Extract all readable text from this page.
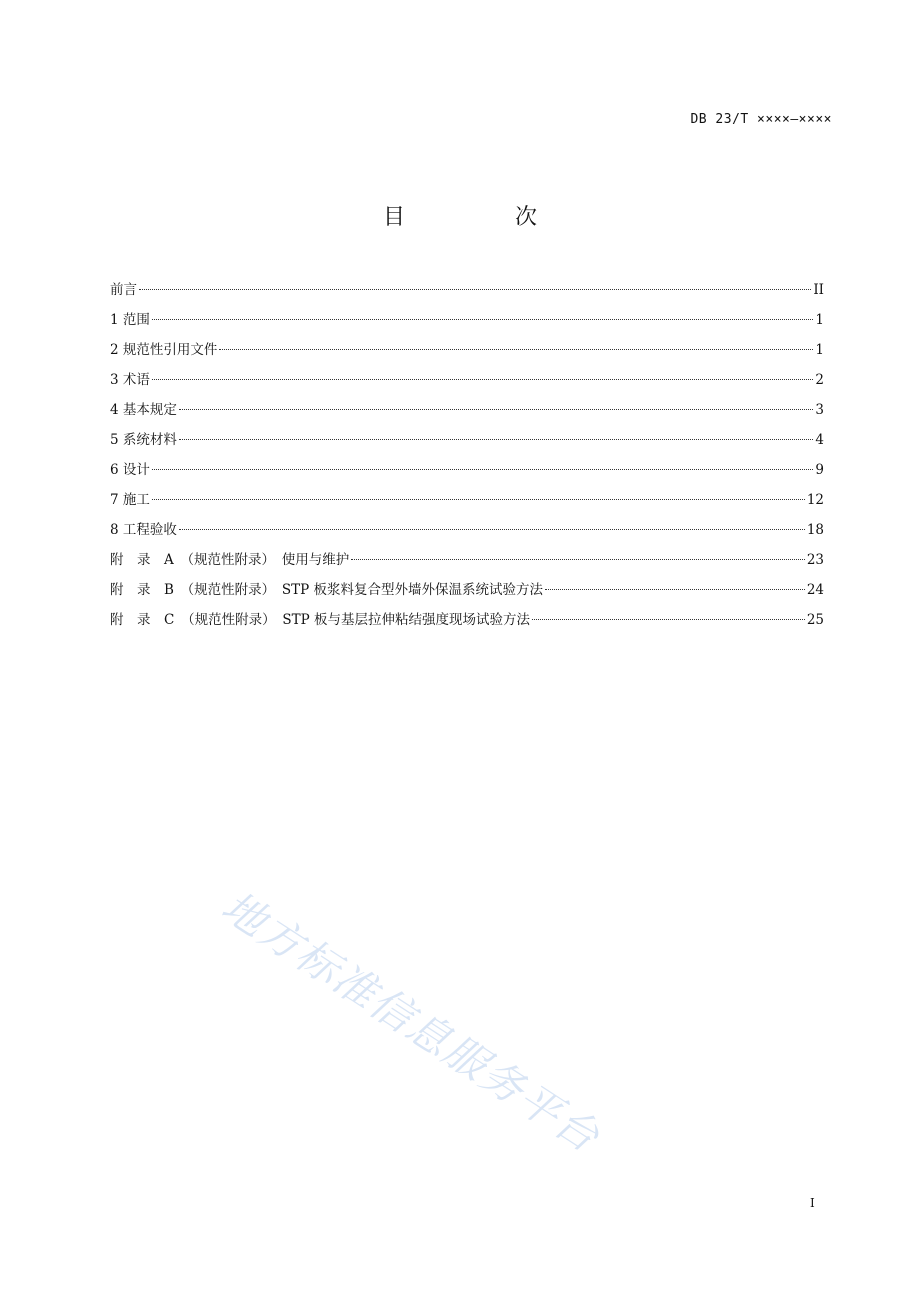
DB 23/T ××××—××××
目　次
前言	II
1 范围	1
2 规范性引用文件	1
3 术语	2
4 基本规定	3
5 系统材料	4
6 设计	9
7 施工	12
8 工程验收	18
附　录　A　（规范性附录）　使用与维护	23
附　录　B　（规范性附录）　STP 板浆料复合型外墙外保温系统试验方法	24
附　录　C　（规范性附录）　STP 板与基层拉伸粘结强度现场试验方法	25
地方标准信息服务平台
I
